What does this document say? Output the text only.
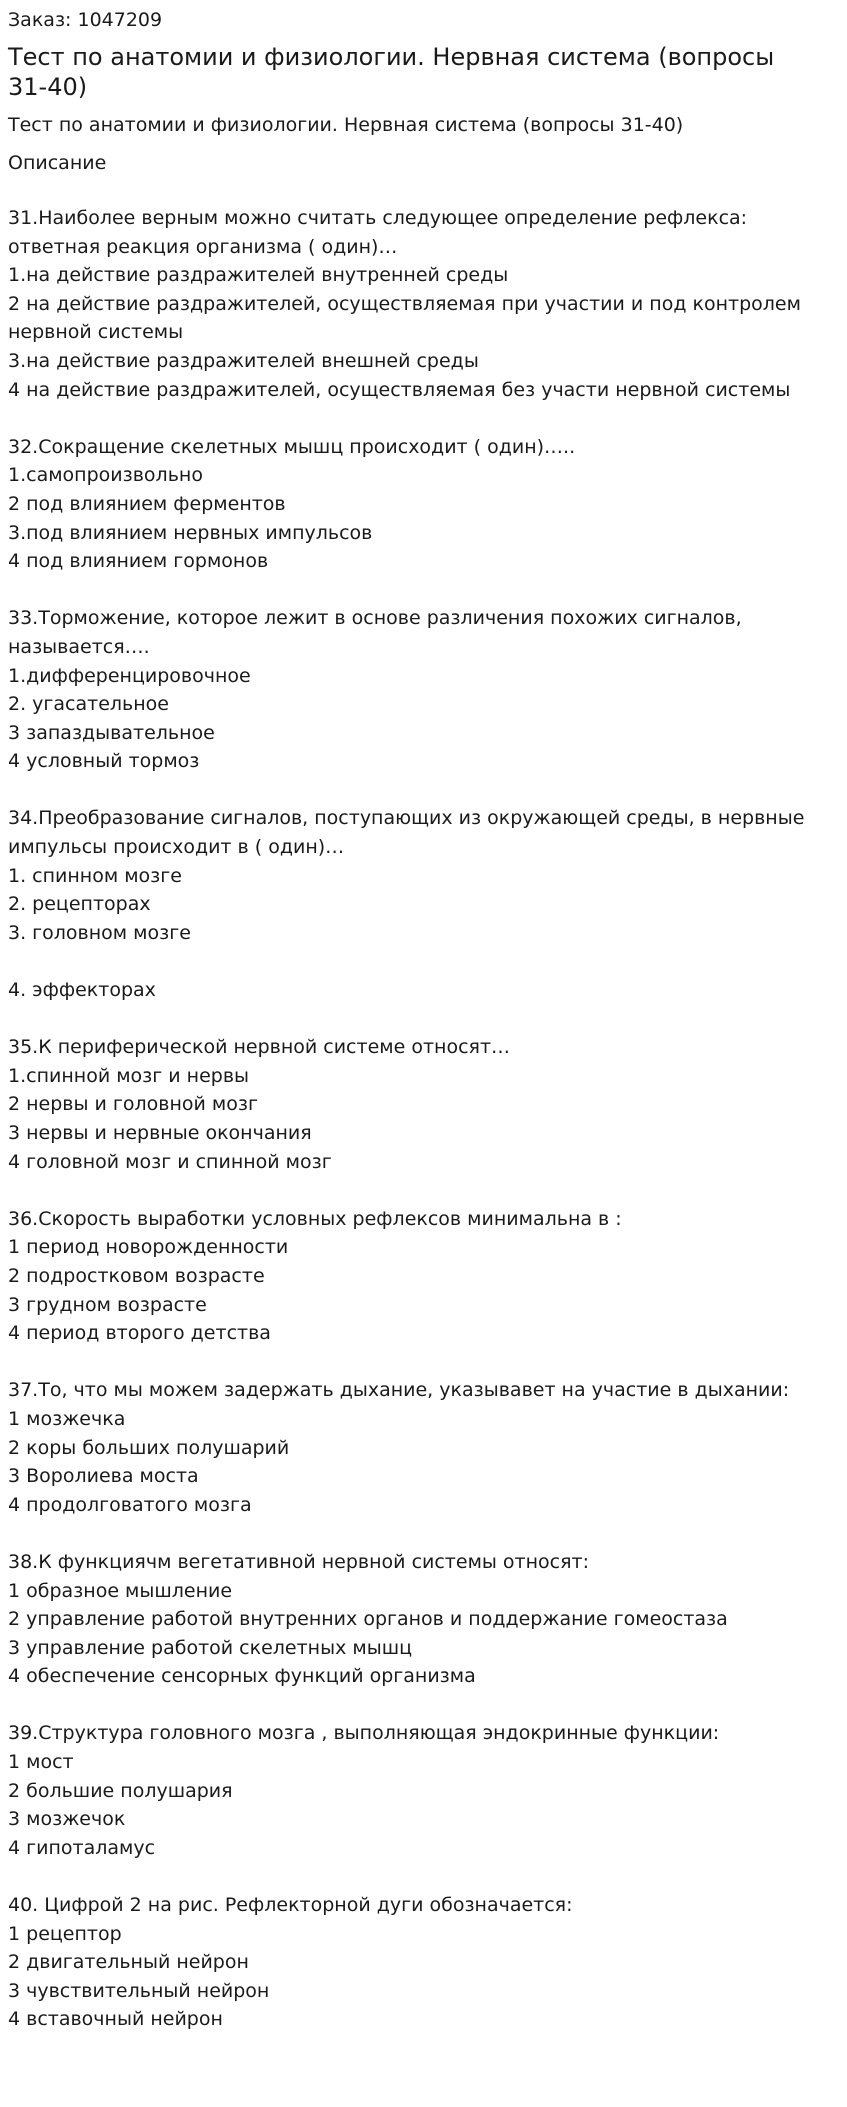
Заказ: 1047209
Тест по анатомии и физиологии. Нервная система (вопросы 31-40)
Тест по анатомии и физиологии. Нервная система (вопросы 31-40)
Описание
31.Наиболее верным можно считать следующее определение рефлекса:
ответная реакция организма ( один)…
1.на действие раздражителей внутренней среды
2 на действие раздражителей, осуществляемая при участии и под контролем
нервной системы
3.на действие раздражителей внешней среды
4 на действие раздражителей, осуществляемая без участи нервной системы
32.Сокращение скелетных мышц происходит ( один)…..
1.самопроизвольно
2 под влиянием ферментов
3.под влиянием нервных импульсов
4 под влиянием гормонов
33.Торможение, которое лежит в основе различения похожих сигналов,
называется….
1.дифференцировочное
2. угасательное
3 запаздывательное
4 условный тормоз
34.Преобразование сигналов, поступающих из окружающей среды, в нервные
импульсы происходит в ( один)…
1. спинном мозге
2. рецепторах
3. головном мозге
4. эффекторах
35.К периферической нервной системе относят…
1.спинной мозг и нервы
2 нервы и головной мозг
3 нервы и нервные окончания
4 головной мозг и спинной мозг
36.Скорость выработки условных рефлексов минимальна в :
1 период новорожденности
2 подростковом возрасте
3 грудном возрасте
4 период второго детства
37.То, что мы можем задержать дыхание, указывавет на участие в дыхании:
1 мозжечка
2 коры больших полушарий
3 Воролиева моста
4 продолговатого мозга
38.К функциячм вегетативной нервной системы относят:
1 образное мышление
2 управление работой внутренних органов и поддержание гомеостаза
3 управление работой скелетных мышц
4 обеспечение сенсорных функций организма
39.Структура головного мозга , выполняющая эндокринные функции:
1 мост
2 большие полушария
3 мозжечок
4 гипоталамус
40. Цифрой 2 на рис. Рефлекторной дуги обозначается:
1 рецептор
2 двигательный нейрон
3 чувствительный нейрон
4 вставочный нейрон
